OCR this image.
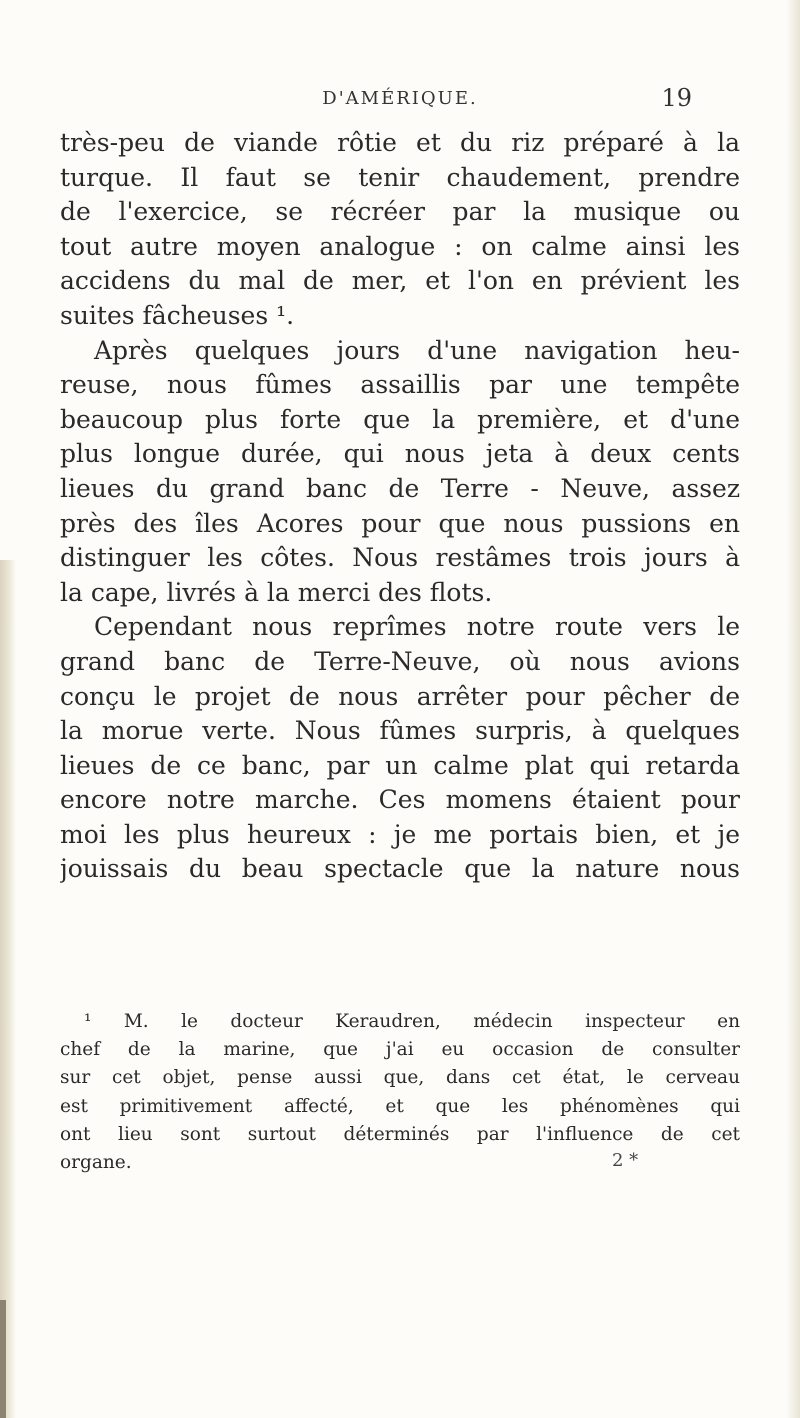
D'AMÉRIQUE.	19
très-peu de viande rôtie et du riz préparé à la
turque. Il faut se tenir chaudement, prendre
de l'exercice, se récréer par la musique ou
tout autre moyen analogue : on calme ainsi les
accidens du mal de mer, et l'on en prévient les
suites fâcheuses ¹.
Après quelques jours d'une navigation heu-
reuse, nous fûmes assaillis par une tempête
beaucoup plus forte que la première, et d'une
plus longue durée, qui nous jeta à deux cents
lieues du grand banc de Terre - Neuve, assez
près des îles Acores pour que nous pussions en
distinguer les côtes. Nous restâmes trois jours à
la cape, livrés à la merci des flots.
Cependant nous reprîmes notre route vers le
grand banc de Terre-Neuve, où nous avions
conçu le projet de nous arrêter pour pêcher de
la morue verte. Nous fûmes surpris, à quelques
lieues de ce banc, par un calme plat qui retarda
encore notre marche. Ces momens étaient pour
moi les plus heureux : je me portais bien, et je
jouissais du beau spectacle que la nature nous
¹ M. le docteur Keraudren, médecin inspecteur en
chef de la marine, que j'ai eu occasion de consulter
sur cet objet, pense aussi que, dans cet état, le cerveau
est primitivement affecté, et que les phénomènes qui
ont lieu sont surtout déterminés par l'influence de cet
organe.	2 *
